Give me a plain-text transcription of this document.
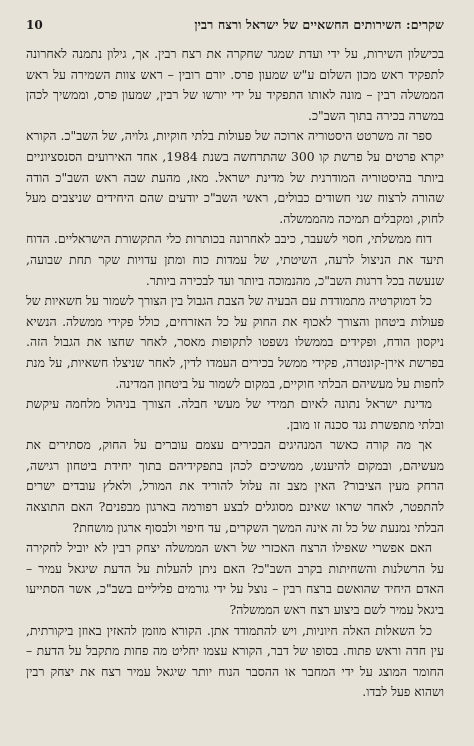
שקרים: השירותים החשאיים של ישראל ורצח רבין
10

בכישלון השירות, על ידי ועדת שמגר שחקרה את רצח רבין. אך, גילון נתמנה לאחרונה לתפקיד ראש מכון השלום ע"ש שמעון פרס. יורם רובין – ראש צוות השמירה על ראש הממשלה רבין – מונה לאותו התפקיד על ידי יורשו של רבין, שמעון פרס, וממשיך לכהן במשרה בכירה בתוך השב"כ.

ספר זה משרטט היסטוריה ארוכה של פעולות בלתי חוקיות, גלויה, של השב"כ. הקורא יקרא פרטים על פרשת קו 300 שהתרחשה בשנת 1984, אחד האירועים הסנסציוניים ביותר בהיסטוריה המודרנית של מדינת ישראל. מאז, מהעת שבה ראש השב"כ הודה שהורה לרצוח שני חשודים כבולים, ראשי השב"כ יודעים שהם היחידים שניצבים מעל לחוק, ומקבלים תמיכה מהממשלה.

דוח ממשלתי, חסוי לשעבר, כיבב לאחרונה בכותרות כלי התקשורת הישראליים. הדוח תיעד את הניצול לרעה, השיטתי, של עמדות כוח ומתן עדויות שקר תחת שבועה, שנעשה בכל דרגות השב"כ, מהנמוכה ביותר ועד לבכירה ביותר.

כל דמוקרטיה מתמודדת עם הבעיה של הצבת הגבול בין הצורך לשמור על חשאיות של פעולות ביטחון והצורך לאכוף את החוק על כל האזרחים, כולל פקידי ממשלה. הנשיא ניקסון הודח, ופקידים בממשלו נשפטו לתקופות מאסר, לאחר שחצו את הגבול הזה. בפרשת אירן-קונטרה, פקידי ממשל בכירים העמדו לדין, לאחר שניצלו חשאיות, על מנת לחפות על מעשיהם הבלתי חוקיים, במקום לשמור על ביטחון המדינה.

מדינת ישראל נתונה לאיום תמידי של מעשי חבלה. הצורך בניהול מלחמה עיקשת ובלתי מתפשרת נגד סכנה זו מובן.

אך מה קורה כאשר המנהיגים הבכירים עצמם עוברים על החוק, מסתירים את מעשיהם, ובמקום להיענש, ממשיכים לכהן בתפקידיהם בתוך יחידת ביטחון רגישה, הרחק מעין הציבור? האין מצב זה עלול להוריד את המורל, ולאלץ עובדים ישרים להתפטר, לאחר שראו שאינם מסוגלים לבצע רפורמה בארגון מבפנים? האם התוצאה הבלתי נמנעת של כל זה אינה המשך השקרים, עד חיפוי ולבסוף ארגון מושחת?

האם אפשרי שאפילו הרצח האכזרי של ראש הממשלה יצחק רבין לא יוביל לחקירה על הרשלנות והשחיתות בקרב השב"כ? האם ניתן להעלות על הדעת שיגאל עמיר – האדם היחיד שהואשם ברצח רבין – נוצל על ידי גורמים פליליים בשב"כ, אשר הסתייעו ביגאל עמיר לשם ביצוע רצח ראש הממשלה?

כל השאלות האלה חיוניות, ויש להתמודד אתן. הקורא מוזמן להאזין באוזן ביקורתית, עין חדה וראש פתוח. בסופו של דבר, הקורא עצמו יחליט מה פחות מתקבל על הדעת – החומר המוצג על ידי המחבר או ההסבר הנוח יותר שיגאל עמיר רצח את יצחק רבין ושהוא פעל לבדו.
